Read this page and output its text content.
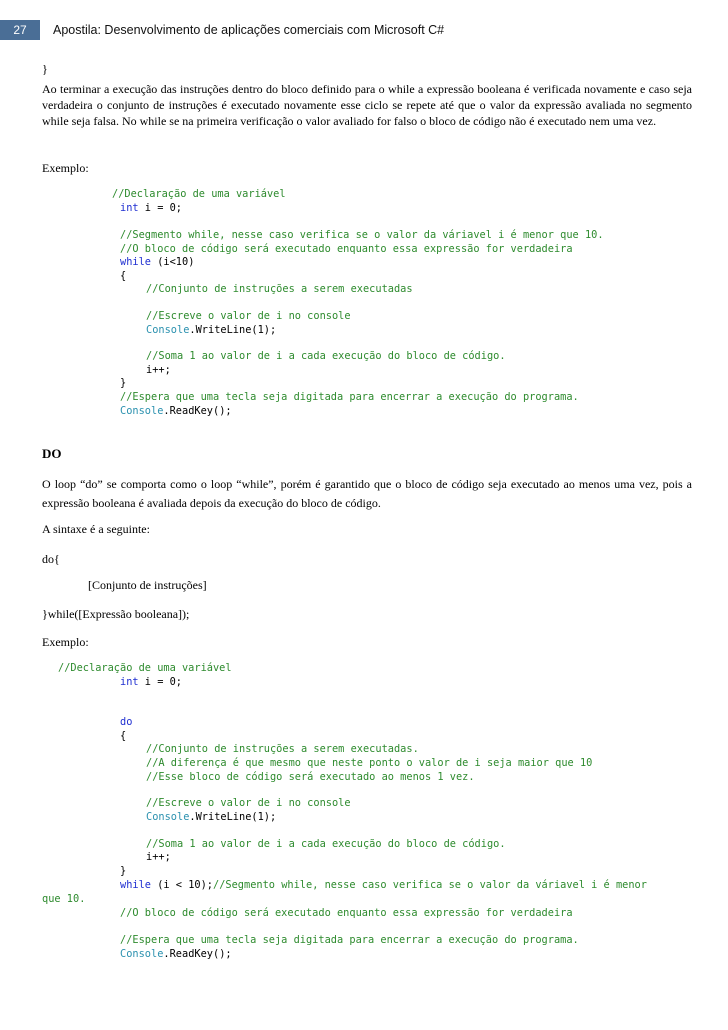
27	Apostila: Desenvolvimento de aplicações comerciais com Microsoft C#

}

Ao terminar a execução das instruções dentro do bloco definido para o while a expressão booleana é verificada novamente e caso seja verdadeira o conjunto de instruções é executado novamente esse ciclo se repete até que o valor da expressão avaliada no segmento while seja falsa. No while se na primeira verificação o valor avaliado for falso o bloco de código não é executado nem uma vez.

Exemplo:

//Declaração de uma variável

int i = 0;

//Segmento while, nesse caso verifica se o valor da váriavel i é menor que 10.

//O bloco de código será executado enquanto essa expressão for verdadeira

while (i<10)

{

//Conjunto de instruções a serem executadas

//Escreve o valor de i no console

Console.WriteLine(1);

//Soma 1 ao valor de i a cada execução do bloco de código.

i++;

}

//Espera que uma tecla seja digitada para encerrar a execução do programa.

Console.ReadKey();

DO

O loop “do” se comporta como o loop “while”, porém é garantido que o bloco de código seja executado ao menos uma vez, pois a expressão booleana é avaliada depois da execução do bloco de código.

A sintaxe é a seguinte:

do{

[Conjunto de instruções]

}while([Expressão booleana]);

Exemplo:

//Declaração de uma variável

int i = 0;

do

{

//Conjunto de instruções a serem executadas.

//A diferença é que mesmo que neste ponto o valor de i seja maior que 10

//Esse bloco de código será executado ao menos 1 vez.

//Escreve o valor de i no console

Console.WriteLine(1);

//Soma 1 ao valor de i a cada execução do bloco de código.

i++;

}

while (i < 10);//Segmento while, nesse caso verifica se o valor da váriavel i é menor

que 10.

//O bloco de código será executado enquanto essa expressão for verdadeira

//Espera que uma tecla seja digitada para encerrar a execução do programa.

Console.ReadKey();
